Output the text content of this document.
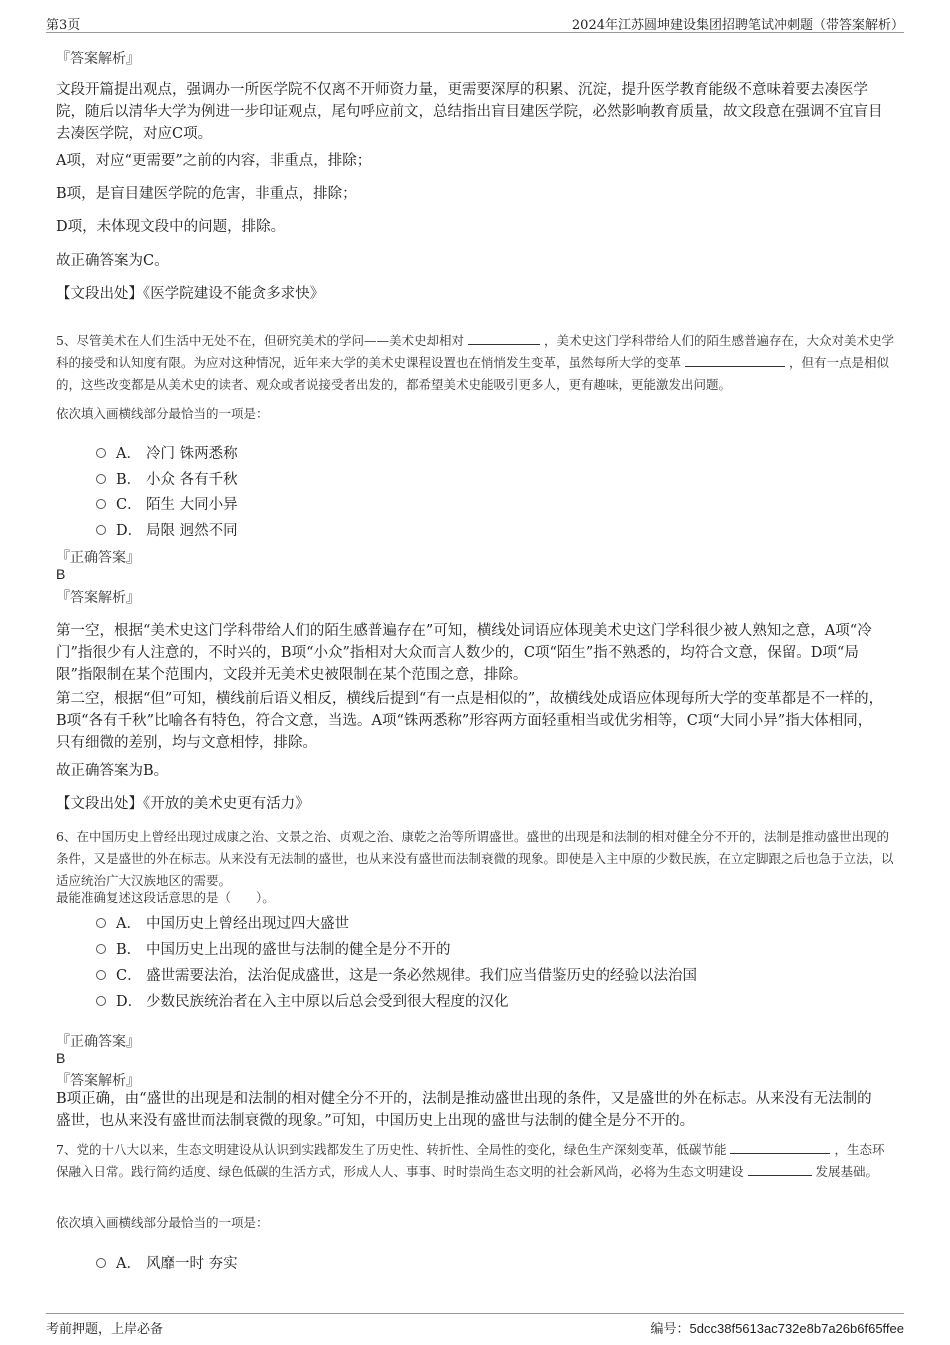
第3页	2024年江苏圆坤建设集团招聘笔试冲刺题（带答案解析）
『答案解析』
文段开篇提出观点，强调办一所医学院不仅离不开师资力量，更需要深厚的积累、沉淀，提升医学教育能级不意味着要去凑医学院，随后以清华大学为例进一步印证观点，尾句呼应前文，总结指出盲目建医学院，必然影响教育质量，故文段意在强调不宜盲目去凑医学院，对应C项。
A项，对应“更需要”之前的内容，非重点，排除；
B项，是盲目建医学院的危害，非重点，排除；
D项，未体现文段中的问题，排除。
故正确答案为C。
【文段出处】《医学院建设不能贪多求快》
5、尽管美术在人们生活中无处不在，但研究美术的学问——美术史却相对	，美术史这门学科带给人们的陌生感普遍存在，大众对美术史学科的接受和认知度有限。为应对这种情况，近年来大学的美术史课程设置也在悄悄发生变革，虽然每所大学的变革	，但有一点是相似的，这些改变都是从美术史的读者、观众或者说接受者出发的，都希望美术史能吸引更多人，更有趣味，更能激发出问题。
依次填入画横线部分最恰当的一项是：
A． 冷门 铢两悉称
B． 小众 各有千秋
C． 陌生 大同小异
D． 局限 迥然不同
『正确答案』
B
『答案解析』
第一空，根据“美术史这门学科带给人们的陌生感普遍存在”可知，横线处词语应体现美术史这门学科很少被人熟知之意，A项“冷门”指很少有人注意的，不时兴的，B项“小众”指相对大众而言人数少的，C项“陌生”指不熟悉的，均符合文意，保留。D项“局限”指限制在某个范围内，文段并无美术史被限制在某个范围之意，排除。
第二空，根据“但”可知，横线前后语义相反，横线后提到“有一点是相似的”，故横线处成语应体现每所大学的变革都是不一样的，B项“各有千秋”比喻各有特色，符合文意，当选。A项“铢两悉称”形容两方面轻重相当或优劣相等，C项“大同小异”指大体相同，只有细微的差别，均与文意相悖，排除。
故正确答案为B。
【文段出处】《开放的美术史更有活力》
6、在中国历史上曾经出现过成康之治、文景之治、贞观之治、康乾之治等所谓盛世。盛世的出现是和法制的相对健全分不开的，法制是推动盛世出现的条件，又是盛世的外在标志。从来没有无法制的盛世，也从来没有盛世而法制衰微的现象。即使是入主中原的少数民族，在立定脚跟之后也急于立法，以适应统治广大汉族地区的需要。
最能准确复述这段话意思的是（　　）。
A． 中国历史上曾经出现过四大盛世
B． 中国历史上出现的盛世与法制的健全是分不开的
C． 盛世需要法治，法治促成盛世，这是一条必然规律。我们应当借鉴历史的经验以法治国
D． 少数民族统治者在入主中原以后总会受到很大程度的汉化
『正确答案』
B
『答案解析』
B项正确，由“盛世的出现是和法制的相对健全分不开的，法制是推动盛世出现的条件，又是盛世的外在标志。从来没有无法制的盛世，也从来没有盛世而法制衰微的现象。”可知，中国历史上出现的盛世与法制的健全是分不开的。
7、党的十八大以来，生态文明建设从认识到实践都发生了历史性、转折性、全局性的变化，绿色生产深刻变革，低碳节能	，生态环保融入日常。践行简约适度、绿色低碳的生活方式，形成人人、事事、时时崇尚生态文明的社会新风尚，必将为生态文明建设	发展基础。
依次填入画横线部分最恰当的一项是：
A． 风靡一时 夯实
考前押题，上岸必备	编号：5dcc38f5613ac732e8b7a26b6f65ffee
